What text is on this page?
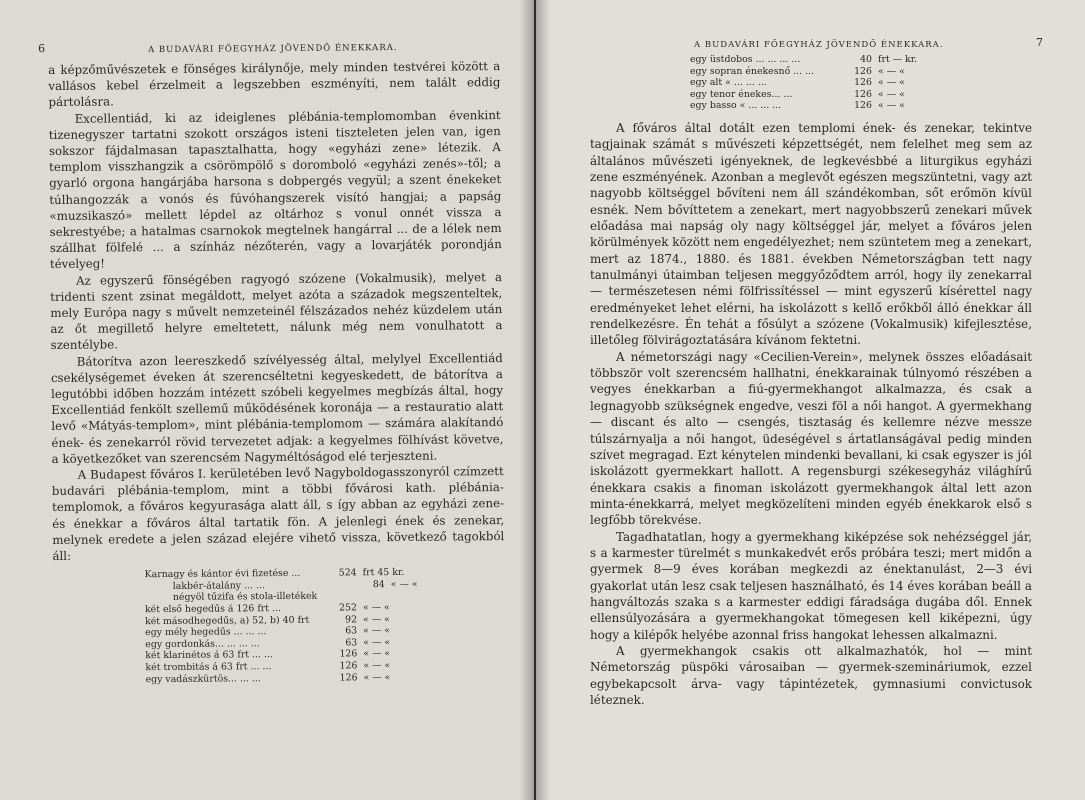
6	A BUDAVÁRI FŐEGYHÁZ JÖVENDŐ ÉNEKKARA.

a képzőművészetek e fönséges királynője, mely minden testvérei között a vallásos kebel érzelmeit a legszebben eszményíti, nem talált eddig pártolásra.

Excellentiád, ki az ideiglenes plébánia-templomomban évenkint tizenegyszer tartatni szokott országos isteni tiszteleten jelen van, igen sokszor fájdalmasan tapasztalhatta, hogy «egyházi zene» létezik. A templom visszhangzik a csörömpölő s doromboló «egyházi zenés»-től; a gyarló orgona hangárjába harsona s dobpergés vegyül; a szent énekeket túlhangozzák a vonós és fúvóhangszerek visító hangjai; a papság «muzsikaszó» mellett lépdel az oltárhoz s vonul onnét vissza a sekrestyébe; a hatalmas csarnokok megtelnek hangárral ... de a lélek nem szállhat fölfelé ... a színház nézőterén, vagy a lovarjáték porondján tévelyeg!

Az egyszerű fönségében ragyogó szózene (Vokalmusik), melyet a tridenti szent zsinat megáldott, melyet azóta a századok megszenteltek, mely Európa nagy s művelt nemzeteinél félszázados nehéz küzdelem után az őt megillető helyre emeltetett, nálunk még nem vonulhatott a szentélybe.

Bátorítva azon leereszkedő szívélyesség által, melylyel Excellentiád csekélységemet éveken át szerencséltetni kegyeskedett, de bátorítva a legutóbbi időben hozzám intézett szóbeli kegyelmes megbízás által, hogy Excellentiád fenkölt szellemű működésének koronája — a restauratio alatt levő «Mátyás-templom», mint plébánia-templomom — számára alakítandó ének- és zenekarról rövid tervezetet adjak: a kegyelmes fölhívást követve, a köyetkezőket van szerencsém Nagyméltóságod elé terjeszteni.

A Budapest főváros I. kerületében levő Nagyboldogasszonyról czímzett budavári plébánia-templom, mint a többi fővárosi kath. plébánia-templomok, a főváros kegyurasága alatt áll, s így abban az egyházi zene- és énekkar a főváros által tartatik fön. A jelenlegi ének és zenekar, melynek eredete a jelen század elejére vihető vissza, következő tagokból áll:

Karnagy és kántor évi fizetése ...	524 frt 45 kr.
lakbér-átalány ... ...	84 « — «
négyöl tűzifa és stola-illetékek
két első hegedűs á 126 frt ...	252 « — «
két másodhegedűs, a) 52, b) 40 frt	92 « — «
egy mély hegedűs ... ... ...	63 « — «
egy gordonkás... ... ... ...	63 « — «
két klarinétos á 63 frt ... ...	126 « — «
két trombitás á 63 frt ... ...	126 « — «
egy vadászkürtös... ... ...	126 « — «
A BUDAVÁRI FŐEGYHÁZ JÖVENDŐ ÉNEKKARA.	7
egy üstdobos ... ... ... ...	40 frt — kr.
egy sopran énekesnő ... ...	126 « — «
egy alt « ... ... ...	126 « — «
egy tenor énekes... ...	126 « — «
egy basso « ... ... ...	126 « — «

A főváros által dotált ezen templomi ének- és zenekar, tekintve tagjainak számát s művészeti képzettségét, nem felelhet meg sem az általános művészeti igényeknek, de legkevésbbé a liturgikus egyházi zene eszményének. Azonban a meglevőt egészen megszüntetni, vagy azt nagyobb költséggel bővíteni nem áll szándékomban, sőt erőmön kívül esnék. Nem bővíttetem a zenekart, mert nagyobbszerű zenekari művek előadása mai napság oly nagy költséggel jár, melyet a főváros jelen körülmények között nem engedélyezhet; nem szüntetem meg a zenekart, mert az 1874., 1880. és 1881. években Németországban tett nagy tanulmányi útaimban teljesen meggyőződtem arról, hogy ily zenekarral — természetesen némi fölfrissítéssel — mint egyszerű kísérettel nagy eredményeket lehet elérni, ha iskolázott s kellő erőkből álló énekkar áll rendelkezésre. Én tehát a fősúlyt a szózene (Vokalmusik) kifejlesztése, illetőleg fölvirágoztatására kívánom fektetni.

A németországi nagy «Cecilien-Verein», melynek összes előadásait többször volt szerencsém hallhatni, énekkarainak túlnyomó részében a vegyes énekkarban a fiú-gyermekhangot alkalmazza, és csak a legnagyobb szükségnek engedve, veszi föl a női hangot. A gyermekhang — discant és alto — csengés, tisztaság és kellemre nézve messze túlszárnyalja a női hangot, üdeségével s ártatlanságával pedig minden szívet megragad. Ezt kénytelen mindenki bevallani, ki csak egyszer is jól iskolázott gyermekkart hallott. A regensburgi székesegyház világhírű énekkara csakis a finoman iskolázott gyermekhangok által lett azon minta-énekkarrá, melyet megközelíteni minden egyéb énekkarok első s legfőbb törekvése.

Tagadhatatlan, hogy a gyermekhang kiképzése sok nehézséggel jár, s a karmester türelmét s munkakedvét erős próbára teszi; mert midőn a gyermek 8—9 éves korában megkezdi az énektanulást, 2—3 évi gyakorlat után lesz csak teljesen használható, és 14 éves korában beáll a hangváltozás szaka s a karmester eddigi fáradsága dugába dől. Ennek ellensúlyozására a gyermekhangokat tömegesen kell kiképezni, úgy hogy a kilépők helyébe azonnal friss hangokat lehessen alkalmazni.

A gyermekhangok csakis ott alkalmazhatók, hol — mint Németország püspöki városaiban — gyermek-szemináriumok, ezzel egybekapcsolt árva- vagy tápintézetek, gymnasiumi convictusok léteznek.
